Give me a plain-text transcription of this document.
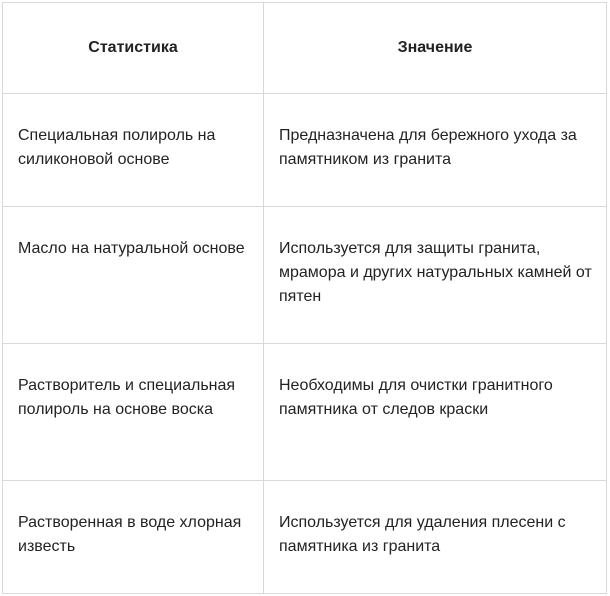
Статистика	Значение
Специальная полироль на силиконовой основе	Предназначена для бережного ухода за памятником из гранита
Масло на натуральной основе	Используется для защиты гранита, мрамора и других натуральных камней от пятен
Растворитель и специальная полироль на основе воска	Необходимы для очистки гранитного памятника от следов краски
Растворенная в воде хлорная известь	Используется для удаления плесени с памятника из гранита
